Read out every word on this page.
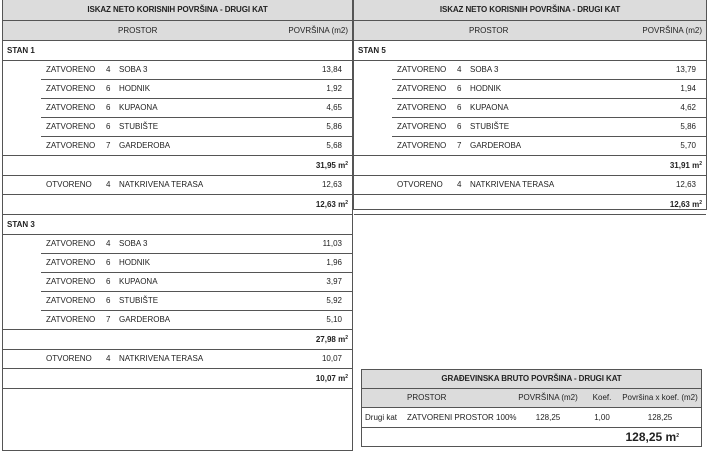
ISKAZ NETO KORISNIH POVRŠINA - DRUGI KAT
PROSTOR	POVRŠINA (m2)
STAN 1
ZATVORENO 4 SOBA 3	13,84
ZATVORENO 6 HODNIK	1,92
ZATVORENO 6 KUPAONA	4,65
ZATVORENO 6 STUBIŠTE	5,86
ZATVORENO 7 GARDEROBA	5,68
31,95 $m^2$
OTVORENO 4 NATKRIVENA TERASA	12,63
12,63 $m^2$
STAN 3
ZATVORENO 4 SOBA 3	11,03
ZATVORENO 6 HODNIK	1,96
ZATVORENO 6 KUPAONA	3,97
ZATVORENO 6 STUBIŠTE	5,92
ZATVORENO 7 GARDEROBA	5,10
27,98 $m^2$
OTVORENO 4 NATKRIVENA TERASA	10,07
10,07 $m^2$
ISKAZ NETO KORISNIH POVRŠINA - DRUGI KAT
PROSTOR	POVRŠINA (m2)
STAN 5
ZATVORENO 4 SOBA 3	13,79
ZATVORENO 6 HODNIK	1,94
ZATVORENO 6 KUPAONA	4,62
ZATVORENO 6 STUBIŠTE	5,86
ZATVORENO 7 GARDEROBA	5,70
31,91 $m^2$
OTVORENO 4 NATKRIVENA TERASA	12,63
12,63 $m^2$
GRAĐEVINSKA BRUTO POVRŠINA - DRUGI KAT
PROSTOR	POVRŠINA (m2)	Koef.	Površina x koef. (m2)
Drugi kat ZATVORENI PROSTOR 100%	128,25	1,00	128,25
128,25 $m^2$
